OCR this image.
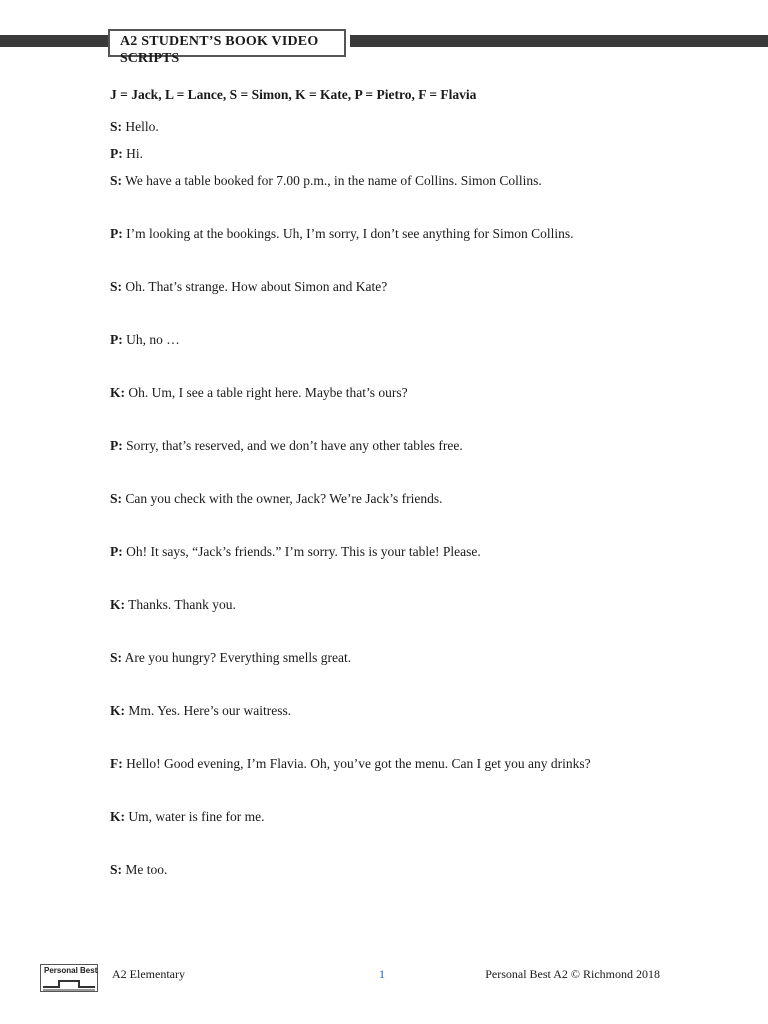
A2 STUDENT’S BOOK VIDEO
SCRIPTS
J = Jack, L = Lance, S = Simon, K = Kate, P = Pietro, F = Flavia
S: Hello.
P: Hi.
S: We have a table booked for 7.00 p.m., in the name of Collins. Simon Collins.
P: I’m looking at the bookings. Uh, I’m sorry, I don’t see anything for Simon Collins.
S: Oh. That’s strange. How about Simon and Kate?
P: Uh, no …
K: Oh. Um, I see a table right here. Maybe that’s ours?
P: Sorry, that’s reserved, and we don’t have any other tables free.
S: Can you check with the owner, Jack? We’re Jack’s friends.
P: Oh! It says, “Jack’s friends.” I’m sorry. This is your table! Please.
K: Thanks. Thank you.
S: Are you hungry? Everything smells great.
K: Mm. Yes. Here’s our waitress.
F: Hello! Good evening, I’m Flavia. Oh, you’ve got the menu. Can I get you any drinks?
K: Um, water is fine for me.
S: Me too.
Personal Best A2 Elementary	1	Personal Best A2 © Richmond 2018
